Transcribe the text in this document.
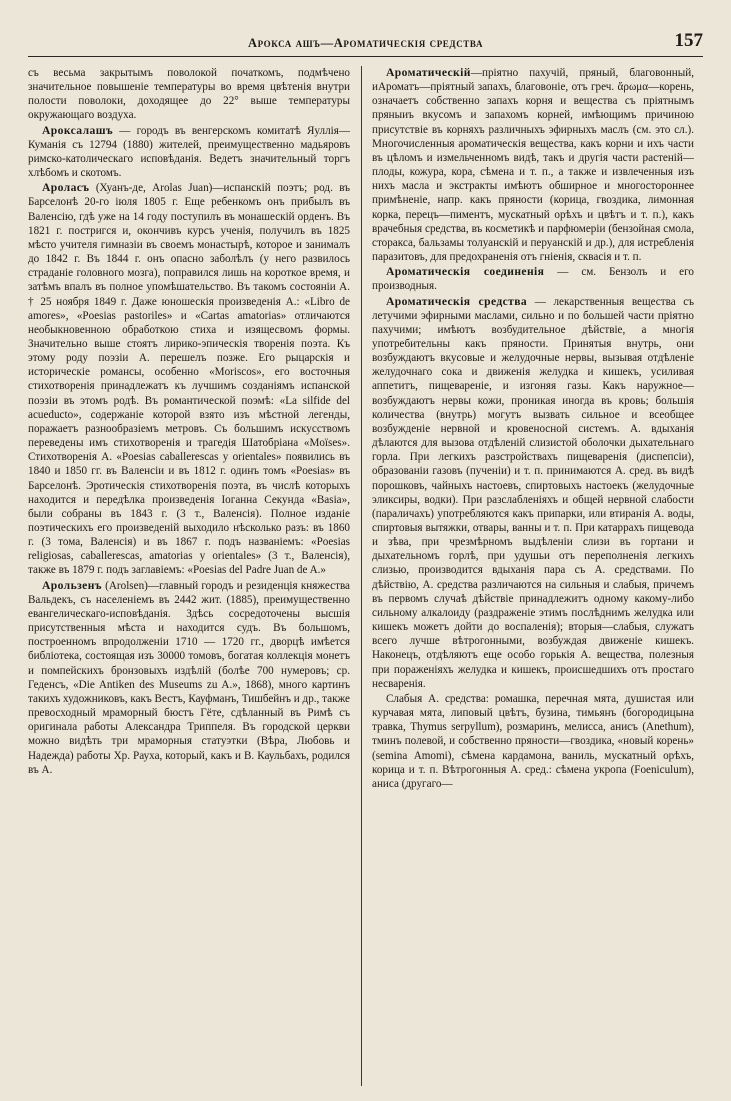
Арокса ашъ—Ароматическія средства	157

съ весьма закрытымъ поволокой початкомъ, подмѣчено значительное повышеніе температуры во время цвѣтенія внутри полости поволоки, доходящее до 22° выше температуры окружающаго воздуха.

Ароксалашъ — городъ въ венгерскомъ комитатѣ Яуллія—Куманія съ 12794 (1880) жителей, преимущественно мадьяровъ римско-католическаго исповѣданія. Ведетъ значительный торгъ хлѣбомъ и скотомъ.

Ароласъ (Хуанъ-де, Arolas Juan)—испанскій поэтъ; род. въ Барселонѣ 20-го іюля 1805 г. Еще ребенкомъ онъ прибылъ въ Валенсію, гдѣ уже на 14 году поступилъ въ монашескій орденъ. Въ 1821 г. постригся и, окончивъ курсъ ученія, получилъ въ 1825 мѣсто учителя гимназіи въ своемъ монастырѣ, которое и занималъ до 1842 г. Въ 1844 г. онъ опасно заболѣлъ (у него развилось страданіе головного мозга), поправился лишь на короткое время, и затѣмъ впалъ въ полное упомѣшательство. Въ такомъ состояніи А. † 25 ноября 1849 г. Даже юношескія произведенія А.: «Libro de amores», «Poesias pastoriles» и «Cartas amatorias» отличаются необыкновенною обработкою стиха и изящесвомъ формы. Значительно выше стоятъ лирико-эпическія творенія поэта. Къ этому роду поэзіи А. перешелъ позже. Его рыцарскія и историческіе романсы, особенно «Moriscos», его восточныя стихотворенія принадлежатъ къ лучшимъ созданіямъ испанской поэзіи въ этомъ родѣ. Въ романтической поэмѣ: «La silfide del acueducto», содержаніе которой взято изъ мѣстной легенды, поражаетъ разнообразіемъ метровъ. Съ большимъ искусствомъ переведены имъ стихотворенія и трагедія Шатобріана «Moïses». Стихотворенія А. «Poesias caballerescas y orientales» появились въ 1840 и 1850 гг. въ Валенсіи и въ 1812 г. одинъ томъ «Poesias» въ Барселонѣ. Эротическія стихотворенія поэта, въ числѣ которыхъ находится и передѣлка произведенія Іоганна Секунда «Basia», были собраны въ 1843 г. (3 т., Валенсія). Полное изданіе поэтическихъ его произведеній выходило нѣсколько разъ: въ 1860 г. (3 тома, Валенсія) и въ 1867 г. подъ названіемъ: «Poesias religiosas, caballerescas, amatorias y orientales» (3 т., Валенсія), также въ 1879 г. подъ заглавіемъ: «Poesias del Padre Juan de A.»

Арользенъ (Arolsen)—главный городъ и резиденція княжества Вальдекъ, съ населеніемъ въ 2442 жит. (1885), преимущественно евангелическаго-исповѣданія. Здѣсь сосредоточены высшія присутственныя мѣста и находится судъ. Въ большомъ, построенномъ впродолженіи 1710 — 1720 гг., дворцѣ имѣется библіотека, состоящая изъ 30000 томовъ, богатая коллекція монетъ и помпейскихъ бронзовыхъ издѣлій (болѣе 700 нумеровъ; ср. Геденсъ, «Die Antiken des Museums zu A.», 1868), много картинъ такихъ художниковъ, какъ Вестъ, Кауфманъ, Тишбейнъ и др., также превосходный мраморный бюстъ Гёте, сдѣланный въ Римѣ съ оригинала работы Александра Триппеля. Въ городской церкви можно видѣть три мраморныя статуэтки (Вѣра, Любовь и Надежда) работы Хр. Рауха, который, какъ и В. Каульбахъ, родился въ А.

Ароматическій—пріятно пахучій, пряный, благовонный, иАроматъ—пріятный запахъ, благовоніе, отъ греч. ἄρωμα—корень, означаетъ собственно запахъ корня и вещества съ пріятнымъ пряныиъ вкусомъ и запахомъ корней, имѣющимъ причиною присутствіе въ корняхъ различныхъ эфирныхъ маслъ (см. это сл.). Многочисленныя ароматическія вещества, какъ корни и ихъ части въ цѣломъ и измельченномъ видѣ, такъ и другія части растеній—плоды, кожура, кора, сѣмена и т. п., а также и извлеченныя изъ нихъ масла и экстракты имѣютъ обширное и многостороннее примѣненіе, напр. какъ пряности (корица, гвоздика, лимонная корка, перецъ—пиментъ, мускатный орѣхъ и цвѣтъ и т. п.), какъ врачебныя средства, въ косметикѣ и парфюмеріи (бензойная смола, сторакса, бальзамы толуанскій и перуанскій и др.), для истребленія паразитовъ, для предохраненія отъ гніенія, сквасія и т. п.

Ароматическія соединенія — см. Бензолъ и его производныя.

Ароматическія средства — лекарственныя вещества съ летучими эфирными маслами, сильно и по большей части пріятно пахучими; имѣютъ возбудительное дѣйствіе, а многія употребительны какъ пряности. Принятыя внутрь, они возбуждаютъ вкусовые и желудочные нервы, вызывая отдѣленіе желудочнаго сока и движенія желудка и кишекъ, усиливая аппетитъ, пищевареніе, и изгоняя газы. Какъ наружное—возбуждаютъ нервы кожи, проникая иногда въ кровь; большія количества (внутрь) могутъ вызвать сильное и всеобщее возбужденіе нервной и кровеносной системъ. А. вдыханія дѣлаются для вызова отдѣленій слизистой оболочки дыхательнаго горла. При легкихъ разстройствахъ пищеваренія (диспепсіи), образованіи газовъ (пученіи) и т. п. принимаются А. сред. въ видѣ порошковъ, чайныхъ настоевъ, спиртовыхъ настоекъ (желудочные эликсиры, водки). При разслабленіяхъ и общей нервной слабости (параличахъ) употребляются какъ припарки, или втиранія А. воды, спиртовыя вытяжки, отвары, ванны и т. п. При катаррахъ пищевода и зѣва, при чрезмѣрномъ выдѣленіи слизи въ гортани и дыхательномъ горлѣ, при удушьи отъ переполненія легкихъ слизью, производится вдыханія пара съ А. средствами. По дѣйствію, А. средства различаются на сильныя и слабыя, причемъ въ первомъ случаѣ дѣйствіе принадлежитъ одному какому-либо сильному алкалоиду (раздраженіе этимъ послѣднимъ желудка или кишекъ можетъ дойти до воспаленія); вторыя—слабыя, служатъ всего лучше вѣтрогонными, возбуждая движеніе кишекъ. Наконецъ, отдѣляютъ еще особо горькія А. вещества, полезныя при пораженіяхъ желудка и кишекъ, происшедшихъ отъ простаго несваренія.

Слабыя А. средства: ромашка, перечная мята, душистая или курчавая мята, липовый цвѣтъ, бузина, тимьянъ (богородицына травка, Thymus serpyllum), розмаринъ, мелисса, анисъ (Anethum), тминъ полевой, и собственно пряности—гвоздика, «новый корень» (semina Amomi), сѣмена кардамона, ваниль, мускатный орѣхъ, корица и т. п. Вѣтрогонныя А. сред.: сѣмена укропа (Foeniculum), аниса (другаго—
